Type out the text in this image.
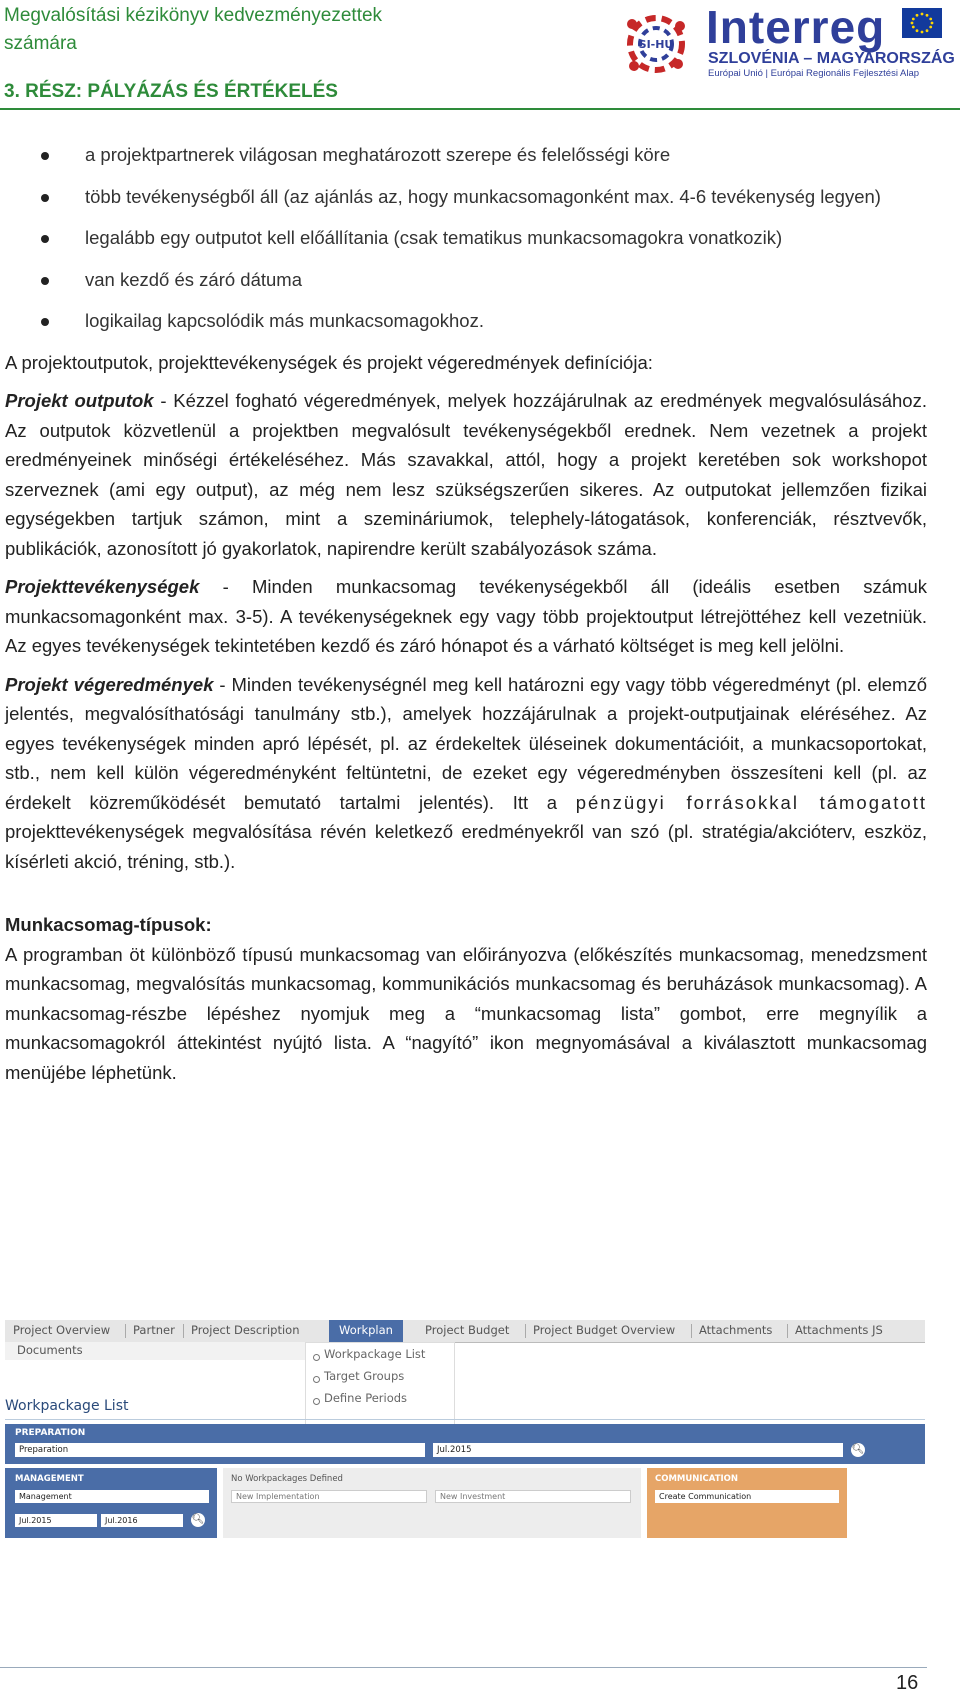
Megvalósítási kézikönyv kedvezményezettek
számára
3. RÉSZ: PÁLYÁZÁS ÉS ÉRTÉKELÉS
SI-HU Interreg
SZLOVÉNIA – MAGYARORSZÁG
Európai Unió | Európai Regionális Fejlesztési Alap
a projektpartnerek világosan meghatározott szerepe és felelősségi köre
több tevékenységből áll (az ajánlás az, hogy munkacsomagonként max. 4-6 tevékenység legyen)
legalább egy outputot kell előállítania (csak tematikus munkacsomagokra vonatkozik)
van kezdő és záró dátuma
logikailag kapcsolódik más munkacsomagokhoz.

A projektoutputok, projekttevékenységek és projekt végeredmények definíciója:

Projekt outputok - Kézzel fogható végeredmények, melyek hozzájárulnak az eredmények megvalósulásához. Az outputok közvetlenül a projektben megvalósult tevékenységekből erednek. Nem vezetnek a projekt eredményeinek minőségi értékeléséhez. Más szavakkal, attól, hogy a projekt keretében sok workshopot szerveznek (ami egy output), az még nem lesz szükségszerűen sikeres. Az outputokat jellemzően fizikai egységekben tartjuk számon, mint a szemináriumok, telephely-látogatások, konferenciák, résztvevők, publikációk, azonosított jó gyakorlatok, napirendre került szabályozások száma.

Projekttevékenységek - Minden munkacsomag tevékenységekből áll (ideális esetben számuk munkacsomagonként max. 3-5). A tevékenységeknek egy vagy több projektoutput létrejöttéhez kell vezetniük. Az egyes tevékenységek tekintetében kezdő és záró hónapot és a várható költséget is meg kell jelölni.

Projekt végeredmények - Minden tevékenységnél meg kell határozni egy vagy több végeredményt (pl. elemző jelentés, megvalósíthatósági tanulmány stb.), amelyek hozzájárulnak a projekt-outputjainak eléréséhez. Az egyes tevékenységek minden apró lépését, pl. az érdekeltek üléseinek dokumentációit, a munkacsoportokat, stb., nem kell külön végeredményként feltüntetni, de ezeket egy végeredményben összesíteni kell (pl. az érdekelt közreműködését bemutató tartalmi jelentés). Itt a pénzügyi forrásokkal támogatott projekttevékenységek megvalósítása révén keletkező eredményekről van szó (pl. stratégia/akcióterv, eszköz, kísérleti akció, tréning, stb.).

Munkacsomag-típusok:

A programban öt különböző típusú munkacsomag van előirányozva (előkészítés munkacsomag, menedzsment munkacsomag, megvalósítás munkacsomag, kommunikációs munkacsomag és beruházások munkacsomag). A munkacsomag-részbe lépéshez nyomjuk meg a “munkacsomag lista” gombot, erre megnyílik a munkacsomagokról áttekintést nyújtó lista. A “nagyító” ikon megnyomásával a kiválasztott munkacsomag menüjébe léphetünk.

Project Overview Partner Project Description	Workplan	Project Budget Project Budget Overview Attachments Attachments JS
Documents	Workpackage List
Target Groups
Define Periods
Workpackage List
PREPARATION
Preparation	Jul.2015	🔍︎
MANAGEMENT
Management
Jul.2015	Jul.2016	🔍︎
No Workpackages Defined
New Implementation	New Investment
COMMUNICATION
Create Communication
16
